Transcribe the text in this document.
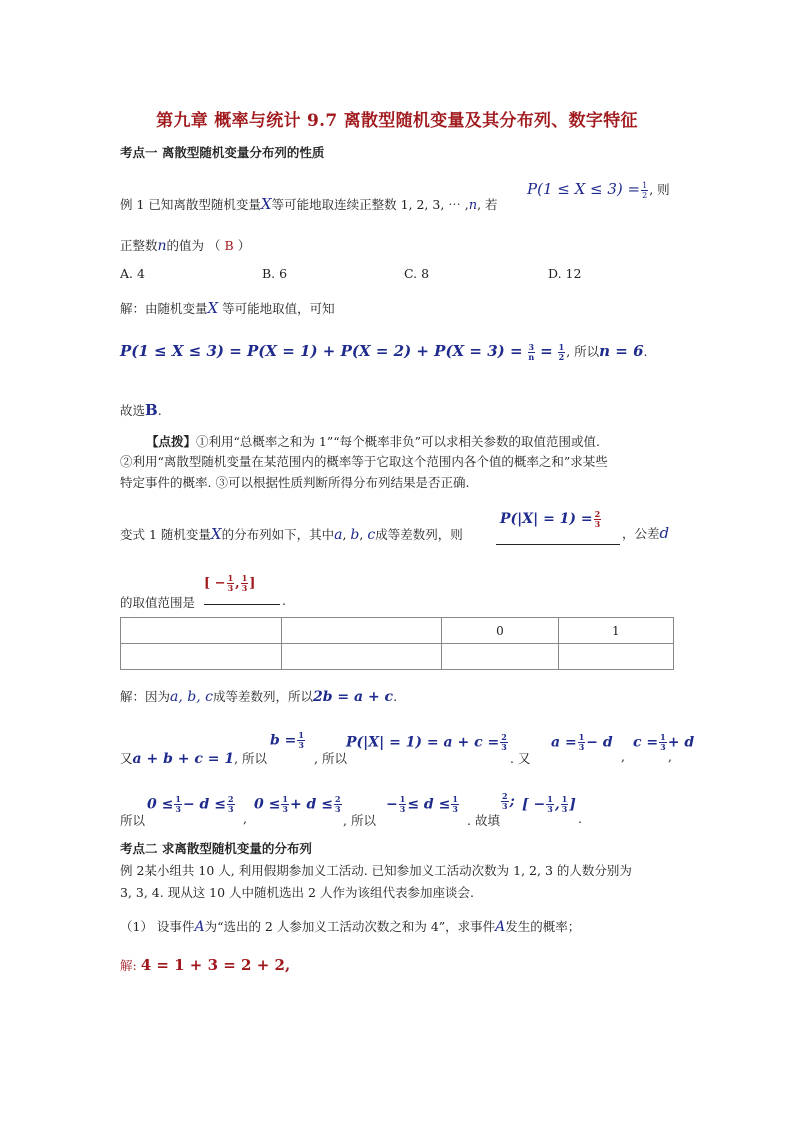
第九章 概率与统计 9.7 离散型随机变量及其分布列、数字特征
考点一 离散型随机变量分布列的性质
例 1 已知离散型随机变量X等可能地取连续正整数 1, 2, 3, ⋯ ,n, 若
$P(1 \le X \le 3) = \frac{1}{2}$ , 则
正整数n的值为 （ B ）
A. 4	B. 6	C. 8	D. 12
解：由随机变量X 等可能地取值，可知
$P(1 \le X \le 3) = P(X = 1) + P(X = 2) + P(X = 3) = \frac{3}{n} = \frac{1}{2}$ , 所以n = 6.
故选B.
【点拨】①利用“总概率之和为 1”“每个概率非负”可以求相关参数的取值范围或值.
②利用“离散型随机变量在某范围内的概率等于它取这个范围内各个值的概率之和”求某些
特定事件的概率. ③可以根据性质判断所得分布列结果是否正确.
变式 1 随机变量X的分布列如下，其中a, b, c成等差数列，则
$P(|X| = 1) = \frac{2}{3}$
，公差d
的取值范围是
[ − $\frac{1}{3}$ , $\frac{1}{3}$ ]
.
		0	1

解：因为a, b, c成等差数列，所以2b = a + c.
又a + b + c = 1, 所以
$b = \frac{1}{3}$
, 所以
$P(|X| = 1) = a + c = \frac{2}{3}$
. 又
$a = \frac{1}{3} - d$
,
$c = \frac{1}{3} + d$
,
所以
$0 \le \frac{1}{3} - d \le \frac{2}{3}$
,
$0 \le \frac{1}{3} + d \le \frac{2}{3}$
, 所以
− $\frac{1}{3} \le d \le \frac{1}{3}$
. 故填
$\frac{2}{3}$ ; [ − $\frac{1}{3}$ , $\frac{1}{3}$ ]
.
考点二 求离散型随机变量的分布列
例 2某小组共 10 人, 利用假期参加义工活动. 已知参加义工活动次数为 1, 2, 3 的人数分别为
3, 3, 4. 现从这 10 人中随机选出 2 人作为该组代表参加座谈会.
（1） 设事件A为“选出的 2 人参加义工活动次数之和为 4”，求事件A发生的概率；
解: 4 = 1 + 3 = 2 + 2,
